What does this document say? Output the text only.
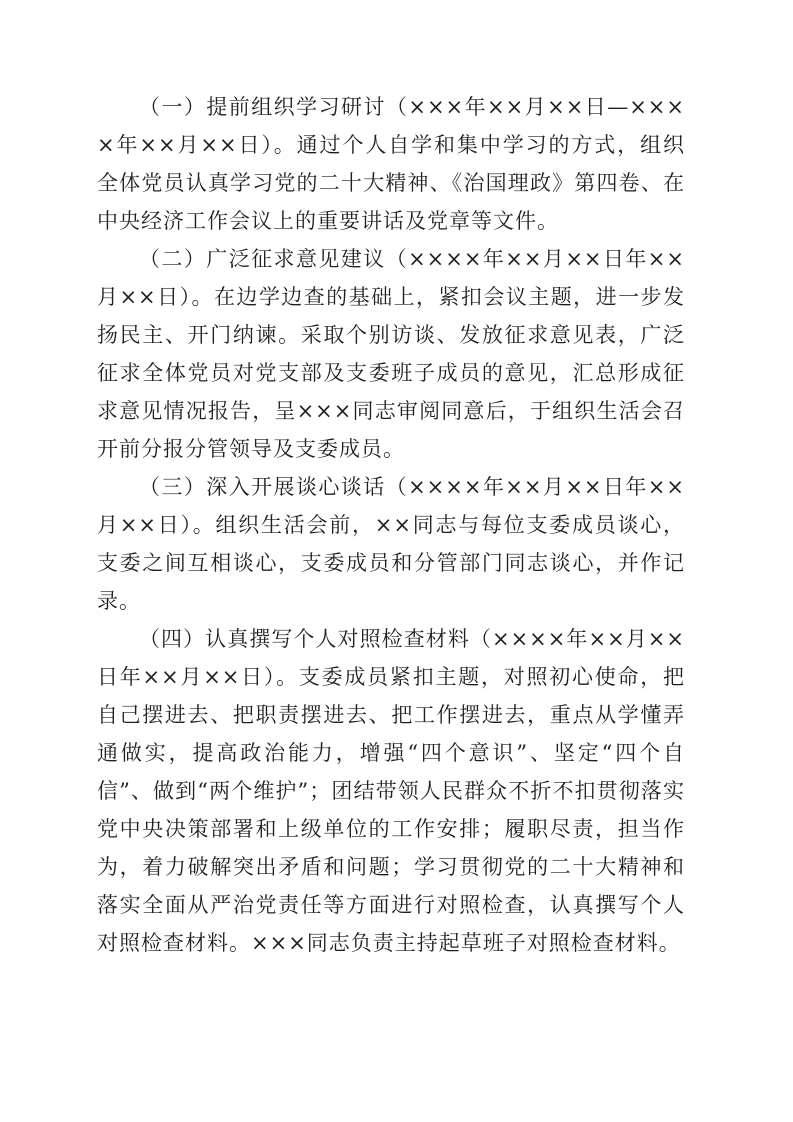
（一）提前组织学习研讨（×××年××月××日—××××年××月××日）。通过个人自学和集中学习的方式，组织全体党员认真学习党的二十大精神、《治国理政》第四卷、在中央经济工作会议上的重要讲话及党章等文件。

（二）广泛征求意见建议（××××年××月××日年××月××日）。在边学边查的基础上，紧扣会议主题，进一步发扬民主、开门纳谏。采取个别访谈、发放征求意见表，广泛征求全体党员对党支部及支委班子成员的意见，汇总形成征求意见情况报告，呈×××同志审阅同意后，于组织生活会召开前分报分管领导及支委成员。

（三）深入开展谈心谈话（××××年××月××日年××月××日）。组织生活会前，××同志与每位支委成员谈心，支委之间互相谈心，支委成员和分管部门同志谈心，并作记录。

（四）认真撰写个人对照检查材料（××××年××月××日年××月××日）。支委成员紧扣主题，对照初心使命，把自己摆进去、把职责摆进去、把工作摆进去，重点从学懂弄通做实，提高政治能力，增强“四个意识”、坚定“四个自信”、做到“两个维护”；团结带领人民群众不折不扣贯彻落实党中央决策部署和上级单位的工作安排；履职尽责，担当作为，着力破解突出矛盾和问题；学习贯彻党的二十大精神和落实全面从严治党责任等方面进行对照检查，认真撰写个人对照检查材料。×××同志负责主持起草班子对照检查材料。
